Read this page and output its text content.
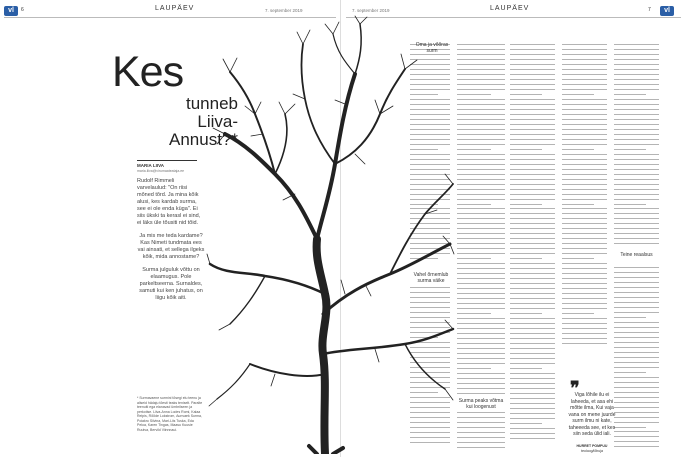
vl	6	LAUPÄEV	7. september 2019
Kes
tunneb Liiva-Annust?*
MARIA LIIVA
maria.liiva@virumaateataja.ee

Rudolf Rimmeli varvelaulud: "On riisi mõned tõrd. Ja mina kõik alusi, kes kardab surma, see ei ole enda küga". Ei siis ükski ta kerasl ei sind, ei läks üle tõusiti nid tõid.

Ja mis me teda kardame? Kas Nimeti tundmata ees vai ainsati, et sellega ilgeks kõik, mida annostame?

Surma julguluk võttu on elaamugus. Pole parkeltseerna. Surnaldes, samuti kui ken juhatus, on liigu kõik aiti.

* Surmavaene surmini tõsegi elu teenu ja aliseid hädaju tõesti teaks teniselt. Paralte teenuiti ega elanavad ümbrilseen ja perkotise. Liiva-Anna Lodes Romi, Kalaa Relpis, Rõõde Lokstrom, Aunvaek Surma, Poiakro Silvina, Mari-Liis Tuska, Eda Peloa, Karen Tingas, Maasu Kuusie Ruutva, Bervild Viinnnaui.
7. september 2019	LAUPÄEV	7	vl
Oma ja võõras surm
Vahel õrnemlub surma väike
Surma peaks võtma kui loogenust
Teine reaalsus
❞
Viga lõhile ilu ei laheeda, et asa ehi mõtte ilma, Kui vaja vana on mene juurde surm ilmu ni kate, taheeeda see, et kes siin seda ülid iali.
HURRET POMPUU
teoloog/lõhuja
